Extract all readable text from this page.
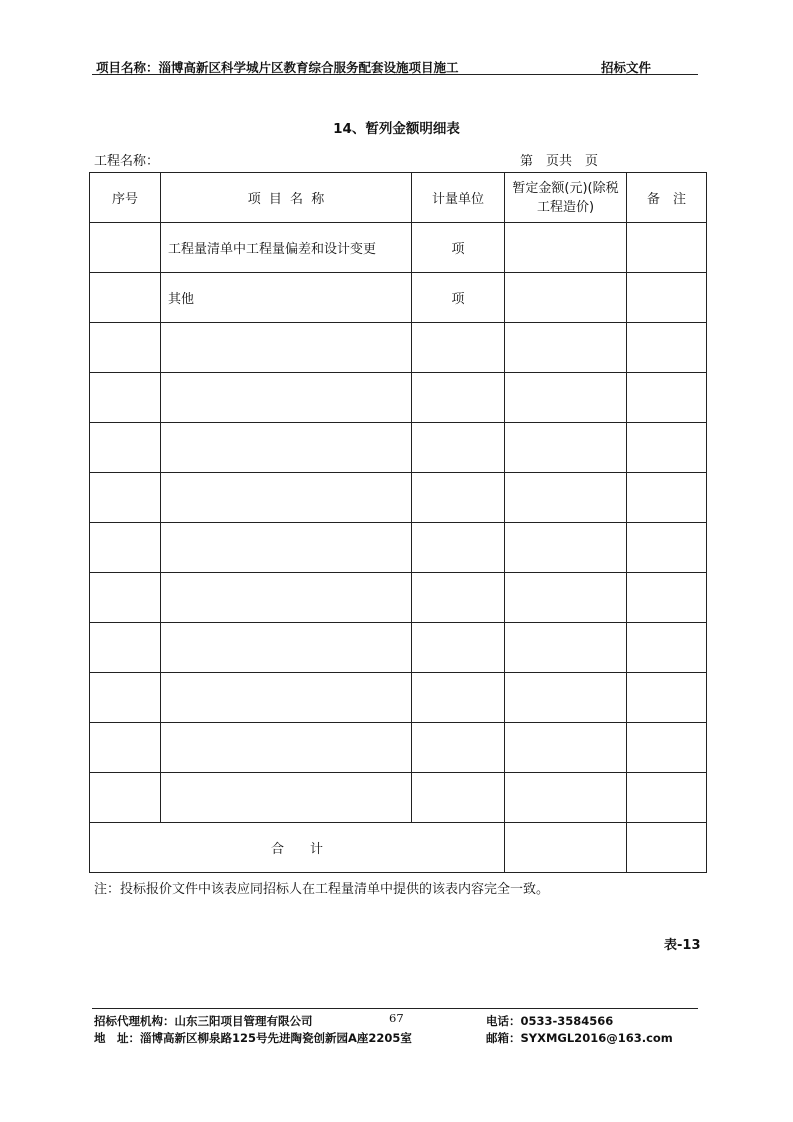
项目名称：淄博高新区科学城片区教育综合服务配套设施项目施工	招标文件
14、暂列金额明细表
工程名称：	第　页共　页
序号	项 目 名 称	计量单位	暂定金额(元)(除税工程造价)	备　注
	工程量清单中工程量偏差和设计变更	项		
	其他	项		

合　　计				
注：投标报价文件中该表应同招标人在工程量清单中提供的该表内容完全一致。
表-13
招标代理机构：山东三阳项目管理有限公司	67	电话：0533-3584566
地　址：淄博高新区柳泉路125号先进陶瓷创新园A座2205室	邮箱：SYXMGL2016@163.com
